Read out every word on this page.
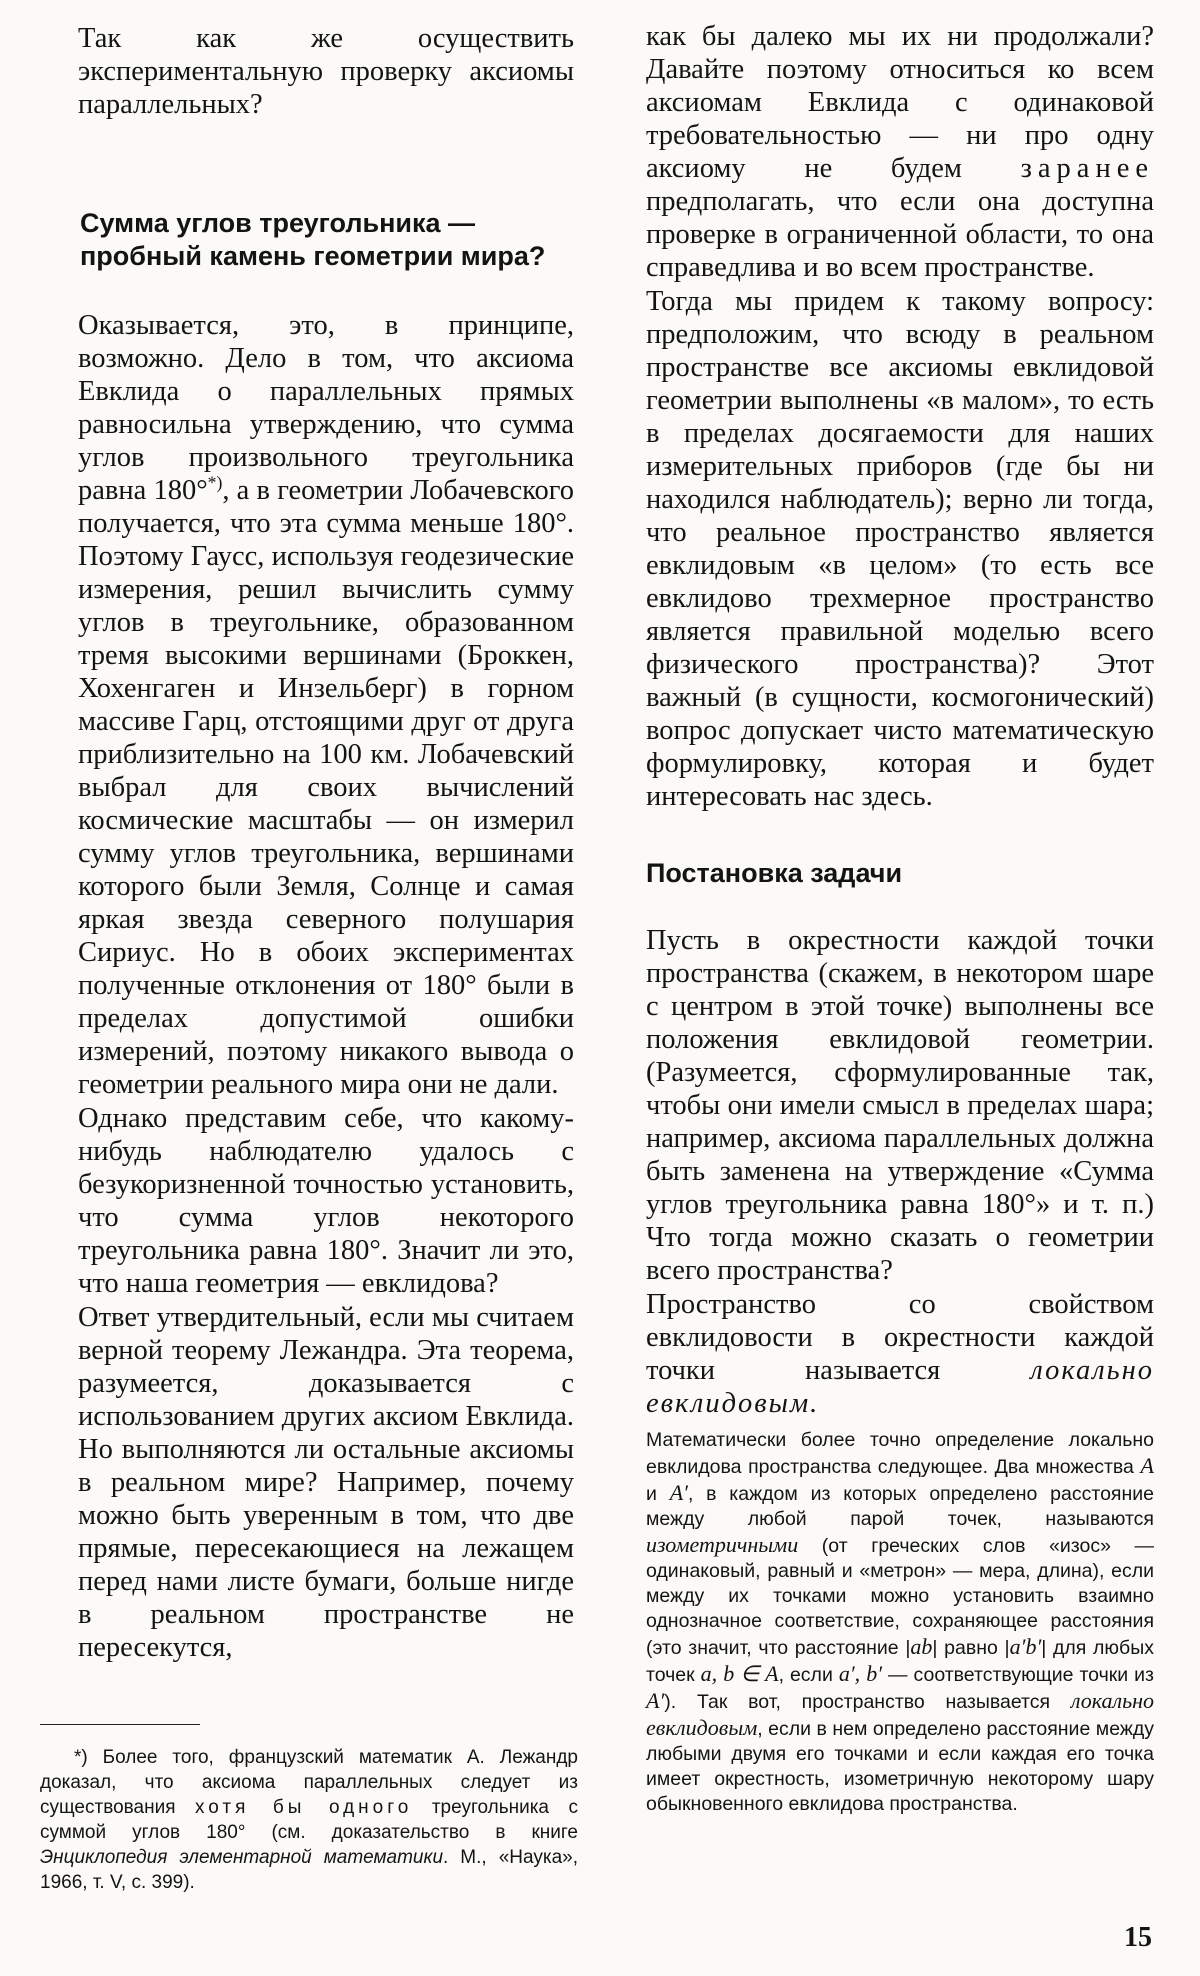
Так как же осуществить экспериментальную проверку аксиомы параллельных?

Сумма углов треугольника — пробный камень геометрии мира?

Оказывается, это, в принципе, возможно. Дело в том, что аксиома Евклида о параллельных прямых равносильна утверждению, что сумма углов произвольного треугольника равна 180°*), а в геометрии Лобачевского получается, что эта сумма меньше 180°. Поэтому Гаусс, используя геодезические измерения, решил вычислить сумму углов в треугольнике, образованном тремя высокими вершинами (Броккен, Хохенгаген и Инзельберг) в горном массиве Гарц, отстоящими друг от друга приблизительно на 100 км. Лобачевский выбрал для своих вычислений космические масштабы — он измерил сумму углов треугольника, вершинами которого были Земля, Солнце и самая яркая звезда северного полушария Сириус. Но в обоих экспериментах полученные отклонения от 180° были в пределах допустимой ошибки измерений, поэтому никакого вывода о геометрии реального мира они не дали.

Однако представим себе, что какому-нибудь наблюдателю удалось с безукоризненной точностью установить, что сумма углов некоторого треугольника равна 180°. Значит ли это, что наша геометрия — евклидова?

Ответ утвердительный, если мы считаем верной теорему Лежандра. Эта теорема, разумеется, доказывается с использованием других аксиом Евклида. Но выполняются ли остальные аксиомы в реальном мире? Например, почему можно быть уверенным в том, что две прямые, пересекающиеся на лежащем перед нами листе бумаги, больше нигде в реальном пространстве не пересекутся,

как бы далеко мы их ни продолжали? Давайте поэтому относиться ко всем аксиомам Евклида с одинаковой требовательностью — ни про одну аксиому не будем заранее предполагать, что если она доступна проверке в ограниченной области, то она справедлива и во всем пространстве.

Тогда мы придем к такому вопросу: предположим, что всюду в реальном пространстве все аксиомы евклидовой геометрии выполнены «в малом», то есть в пределах досягаемости для наших измерительных приборов (где бы ни находился наблюдатель); верно ли тогда, что реальное пространство является евклидовым «в целом» (то есть все евклидово трехмерное пространство является правильной моделью всего физического пространства)? Этот важный (в сущности, космогонический) вопрос допускает чисто математическую формулировку, которая и будет интересовать нас здесь.

Постановка задачи

Пусть в окрестности каждой точки пространства (скажем, в некотором шаре с центром в этой точке) выполнены все положения евклидовой геометрии. (Разумеется, сформулированные так, чтобы они имели смысл в пределах шара; например, аксиома параллельных должна быть заменена на утверждение «Сумма углов треугольника равна 180°» и т. п.) Что тогда можно сказать о геометрии всего пространства?

Пространство со свойством евклидовости в окрестности каждой точки называется локально евклидовым.

Математически более точно определение локально евклидова пространства следующее. Два множества A и A′, в каждом из которых определено расстояние между любой парой точек, называются изометричными (от греческих слов «изос» — одинаковый, равный и «метрон» — мера, длина), если между их точками можно установить взаимно однозначное соответствие, сохраняющее расстояния (это значит, что расстояние |ab| равно |a′b′| для любых точек a, b ∈ A, если a′, b′ — соответствующие точки из A′). Так вот, пространство называется локально евклидовым, если в нем определено расстояние между любыми двумя его точками и если каждая его точка имеет окрестность, изометричную некоторому шару обыкновенного евклидова пространства.

*) Более того, французский математик А. Лежандр доказал, что аксиома параллельных следует из существования хотя бы одного треугольника с суммой углов 180° (см. доказательство в книге Энциклопедия элементарной математики. М., «Наука», 1966, т. V, с. 399).
15
